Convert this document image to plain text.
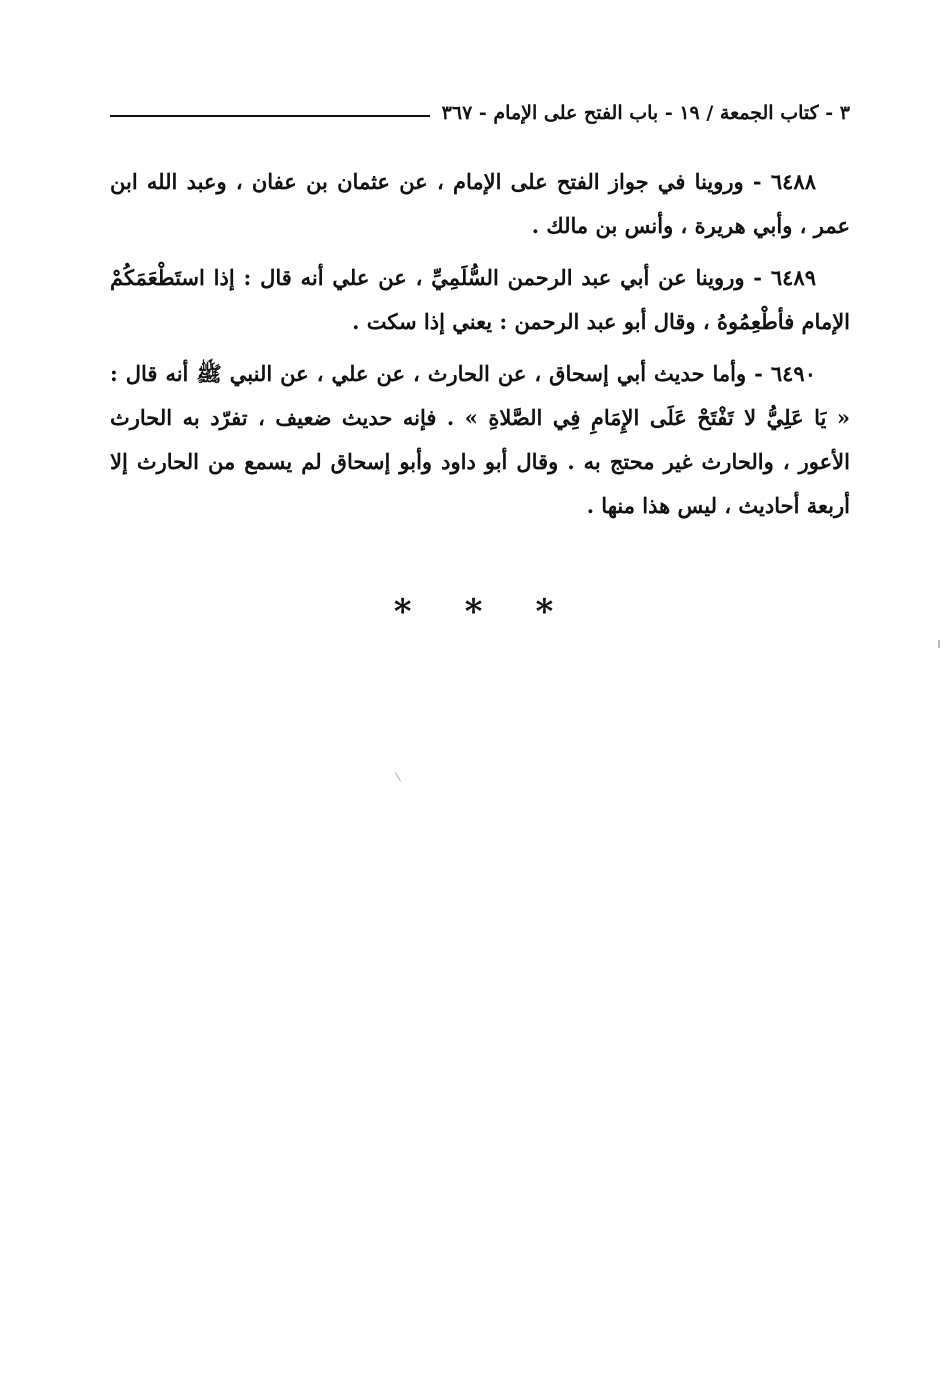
٣ - كتاب الجمعة / ١٩ - باب الفتح على الإمام - ٣٦٧

٦٤٨٨ - وروينا في جواز الفتح على الإمام ، عن عثمان بن عفان ، وعبد الله ابن عمر ، وأبي هريرة ، وأنس بن مالك .

٦٤٨٩ - وروينا عن أبي عبد الرحمن السُّلَمِيِّ ، عن علي أنه قال : إذا استَطْعَمَكُمْ الإمام فأطْعِمُوهُ ، وقال أبو عبد الرحمن : يعني إذا سكت .

٦٤٩٠ - وأما حديث أبي إسحاق ، عن الحارث ، عن علي ، عن النبي ﷺ أنه قال : « يَا عَلِيُّ لا تَفْتَحْ عَلَى الإِمَامِ فِي الصَّلاةِ » . فإنه حديث ضعيف ، تفرّد به الحارث الأعور ، والحارث غير محتج به . وقال أبو داود وأبو إسحاق لم يسمع من الحارث إلا أربعة أحاديث ، ليس هذا منها .

* * *
